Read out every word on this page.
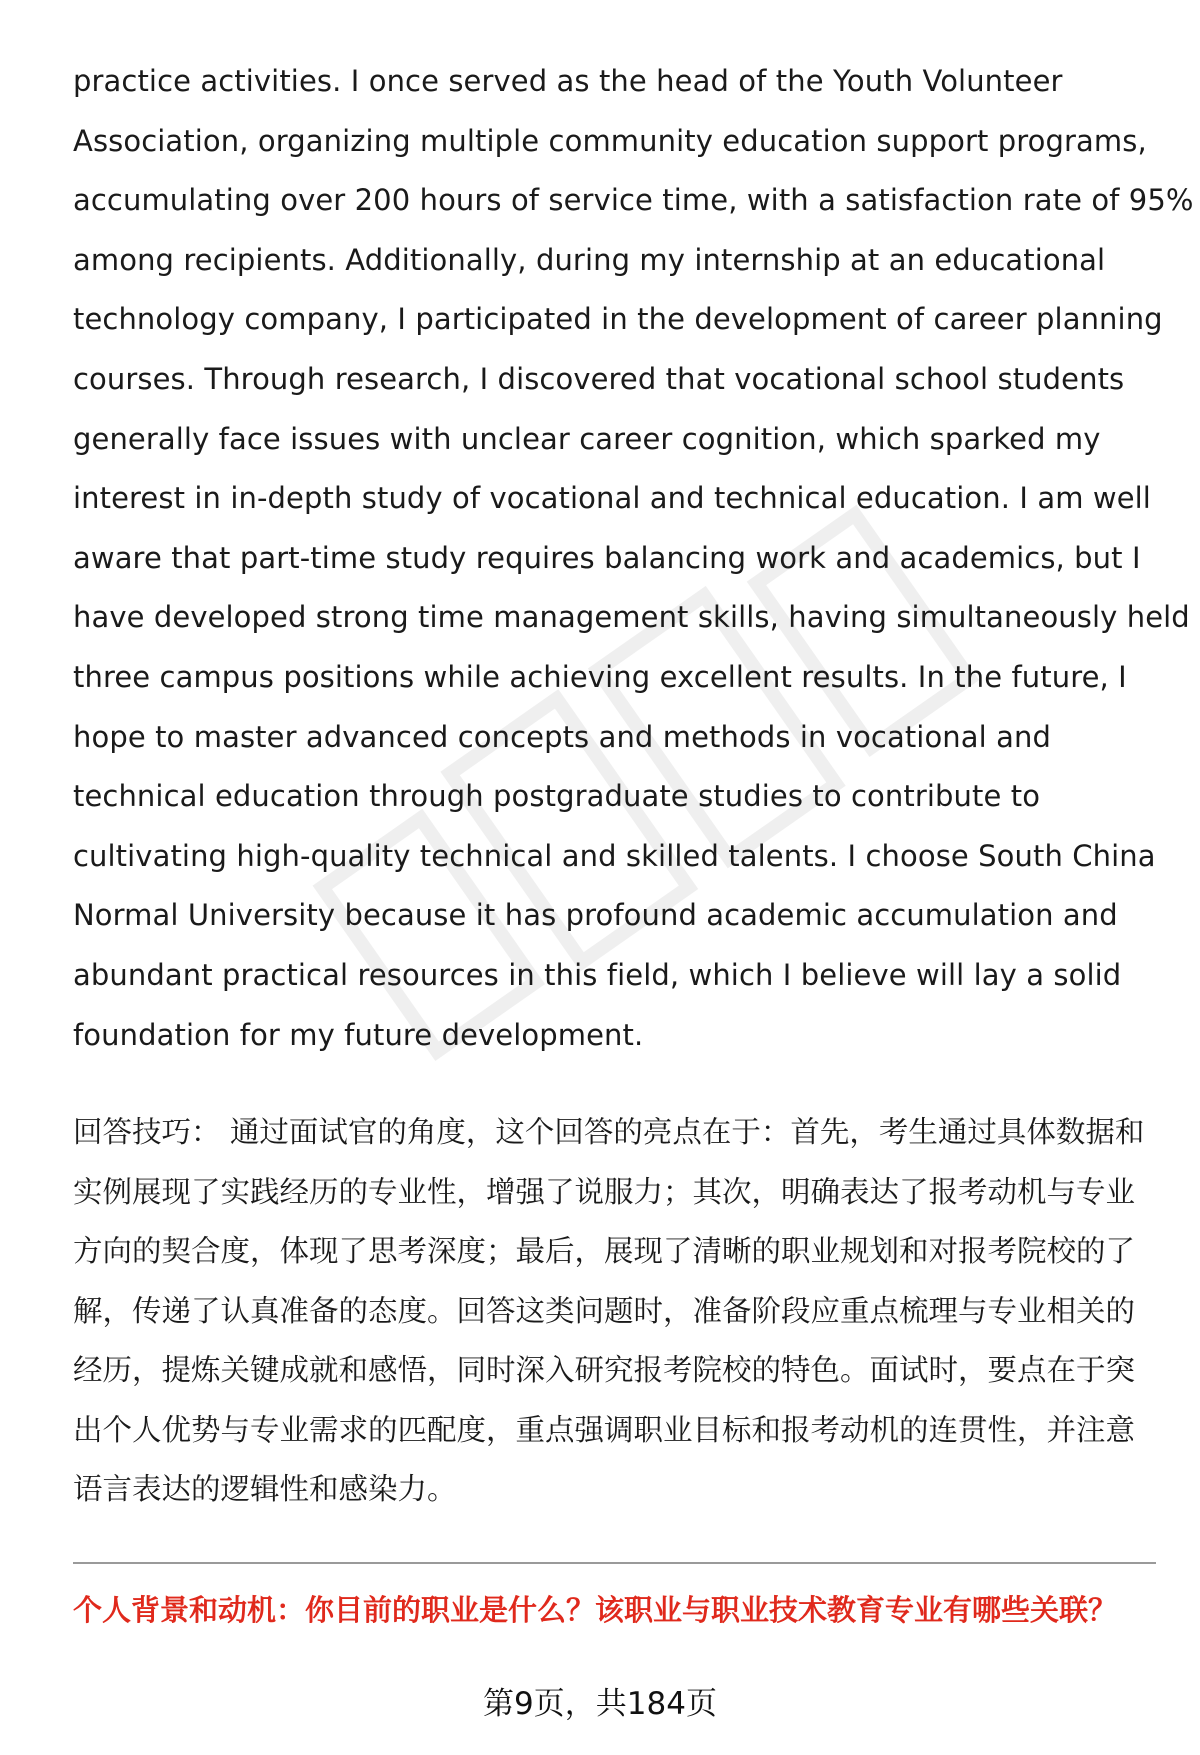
practice activities. I once served as the head of the Youth Volunteer
Association, organizing multiple community education support programs,
accumulating over 200 hours of service time, with a satisfaction rate of 95%
among recipients. Additionally, during my internship at an educational
technology company, I participated in the development of career planning
courses. Through research, I discovered that vocational school students
generally face issues with unclear career cognition, which sparked my
interest in in-depth study of vocational and technical education. I am well
aware that part-time study requires balancing work and academics, but I
have developed strong time management skills, having simultaneously held
three campus positions while achieving excellent results. In the future, I
hope to master advanced concepts and methods in vocational and
technical education through postgraduate studies to contribute to
cultivating high-quality technical and skilled talents. I choose South China
Normal University because it has profound academic accumulation and
abundant practical resources in this field, which I believe will lay a solid
foundation for my future development.

回答技巧： 通过面试官的角度，这个回答的亮点在于：首先，考生通过具体数据和
实例展现了实践经历的专业性，增强了说服力；其次，明确表达了报考动机与专业
方向的契合度，体现了思考深度；最后，展现了清晰的职业规划和对报考院校的了
解，传递了认真准备的态度。回答这类问题时，准备阶段应重点梳理与专业相关的
经历，提炼关键成就和感悟，同时深入研究报考院校的特色。面试时，要点在于突
出个人优势与专业需求的匹配度，重点强调职业目标和报考动机的连贯性，并注意
语言表达的逻辑性和感染力。

个人背景和动机：你目前的职业是什么？该职业与职业技术教育专业有哪些关联？
第9页，共184页
